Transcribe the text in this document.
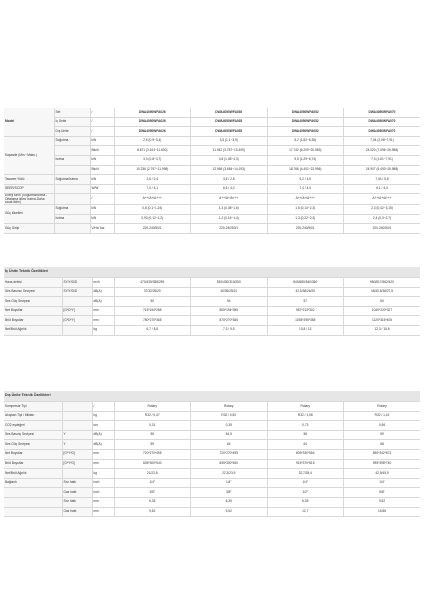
Model	Set	/	DWA4050WFA026	DWA4050WFA035	DWA4050WFA052	DWA4050WFA070
	İç Ünite	/	DWA4050WFA026	DWA4050WFA035	DWA4050WFA052	DWA4050WFA070
	Dış Ünite	/	DWA4050WFA026	DWA4050WFA035	DWA4050WFA052	DWA4050WFA070
Kapasite (Min.~Maks.)	Soğutma	kW	2,6 (0,9~3,4)	3,5 (1,1~3,9)	5,2 (1,82~6,35)	7,04 (2,08~7,91)
		Btu/h	8.871 (3.104~11.600)	11.942 (3.787~13.409)	17.742 (6.209~20.983)	24.020 (7.096~26.988)
	Isıtma	kW	3,0 (0,8~3,7)	3,8 (1,08~4,3)	5,5 (1,29~6,74)	7,3 (1,61~7,91)
		Btu/h	10.236 (2.797~11.998)	12.965 (3.684~14.193)	18.766 (4.401~22.996)	24.907 (5.493~26.988)
Tasarım Yükü	Soğutma/Isıtma	kW	2,6 / 2,4	3,5 / 2,8	5,2 / 4,5	7,04 / 5,8
SEER/SCOP		W/W	7,0 / 4,1	6,5 / 4,0	7,4 / 4,0	6,1 / 4,0
Enerji sınıfı (Soğutma/Isıtma - Ortalama iklim/ Isıtma-Daha sıcak iklim)		/	A++/A+/A+++	A++/A+/A+++	A++/A+/A+++	A++/A+/A+++
Güç tüketimi	Soğutma	kW	0,8 (0,1~1,24)	1,3 (0,08~1,6)	1,5 (0,14~2,3)	2,3 (0,42~3,15)
	Isıtma	kW	0,93 (0,12~1,2)	1,2 (0,16~1,4)	1,3 (0,22~2,3)	2,4 (0,3~2,7)
Güç Girişi		V/Hz/ faz	220-240/50/1	220-240/50/1	220-240/50/1	220-240/50/1
İç Ünite Teknik Özellikleri						
Hava debisi	SY/Y/D/D	m³/h	470/435/355/259	530/430/310/250	840/680/540/360	980/817/662/420
Ses Basıncı Seviyesi	SY/Y/D/D	dB(A)	37/32/25/20	40/35/25/21	42,5/36/26/20	45/40,5/36/27,5
Ses Güç Seviyesi		dB(A)	50	54	57	60
Net Boyutlar	[G*D*Y]	mm	715*194*285	805*194*285	957*213*302	1040*220*327
Brüt Boyutlar	[G*D*Y]	mm	780*270*365	870*270*365	1035*295*385	1120*315*405
Net/Brüt Ağırlık		kg	6,7 / 8,8	7,3 / 9,5	10,8 / 13	12,3 / 15,8
Dış Ünite Teknik Özellikleri						
Kompresör Tipi		/	Rotary	Rotary	Rotary	Rotary
Akışkan Tipi / Miktarı		kg	R32 / 0,47	R32 / 0,52	R32 / 1,08	R32 / 1,42
CO2 eşdeğeri		ton	0,31	0,35	0,73	0,96
Ses Basınç Seviyesi	Y	dB(A)	55	54,5	56	59
Ses Güç Seviyesi	Y	dB(A)	59	64	64	68
Net Boyutlar	[G*Y*D]	mm	720*270*495	720*270*495	805*330*554	890*342*673
Brüt Boyutlar	[G*Y*D]	mm	835*300*540	835*300*540	915*370*615	995*398*740
Net/Brüt Ağırlık		kg	21/22,8	22,3/23,9	32,7/35,4	42,9/45,9
Bağlantı	Sıvı hattı	inch	1/4"	1/4"	1/4"	1/4"
	Gaz hattı	inch	3/8"	3/8"	1/2"	5/8"
	Sıvı hattı	mm	6,35	6,35	6,35	9,52
	Gaz hattı	mm	9,52	9,52	12,7	15,88
